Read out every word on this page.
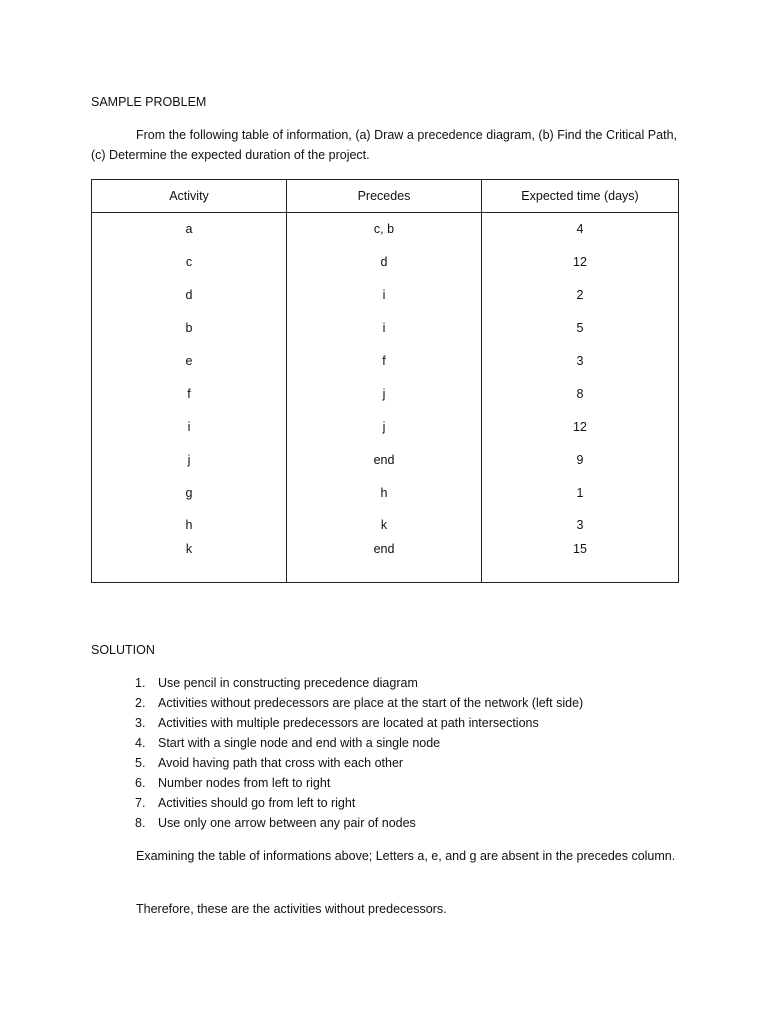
SAMPLE PROBLEM
From the following table of information, (a) Draw a precedence diagram, (b) Find the Critical Path, (c) Determine the expected duration of the project.
Activity	Precedes	Expected time (days)
a	c, b	4
c	d	12
d	i	2
b	i	5
e	f	3
f	j	8
i	j	12
j	end	9
g	h	1
h	k	3
k	end	15
SOLUTION
1.	Use pencil in constructing precedence diagram
2.	Activities without predecessors are place at the start of the network (left side)
3.	Activities with multiple predecessors are located at path intersections
4.	Start with a single node and end with a single node
5.	Avoid having path that cross with each other
6.	Number nodes from left to right
7.	Activities should go from left to right
8.	Use only one arrow between any pair of nodes
Examining the table of informations above; Letters a, e, and g are absent in the precedes column.
Therefore, these are the activities without predecessors.
